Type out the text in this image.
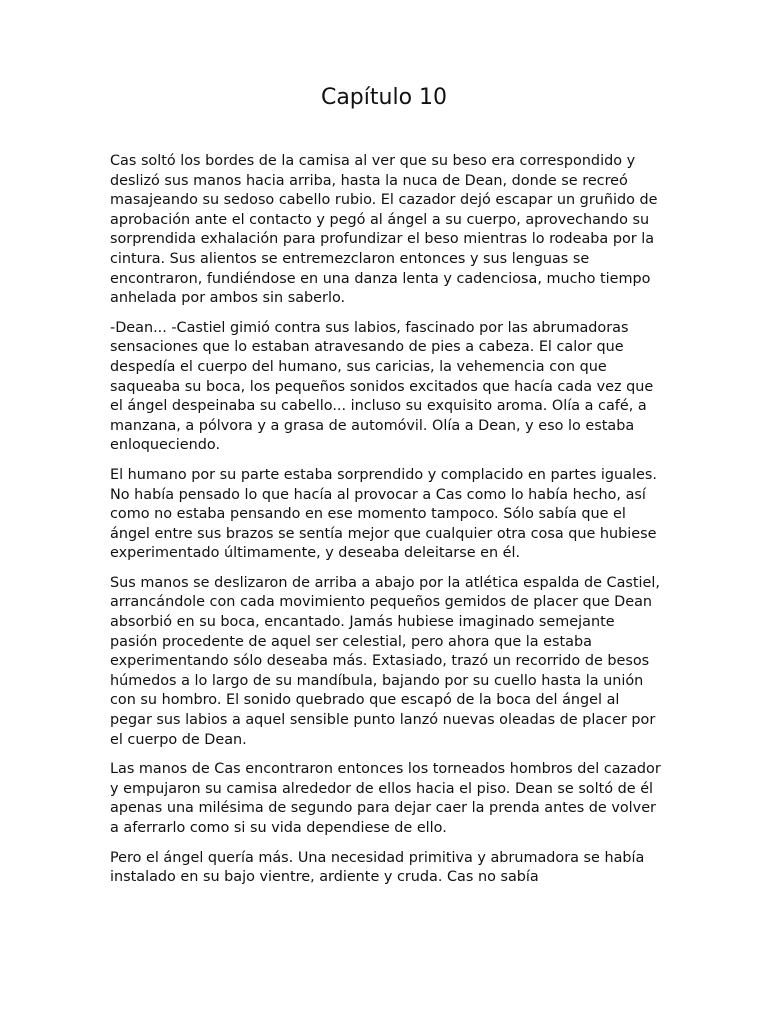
Capítulo 10

Cas soltó los bordes de la camisa al ver que su beso era correspondido y deslizó sus manos hacia arriba, hasta la nuca de Dean, donde se recreó masajeando su sedoso cabello rubio. El cazador dejó escapar un gruñido de aprobación ante el contacto y pegó al ángel a su cuerpo, aprovechando su sorprendida exhalación para profundizar el beso mientras lo rodeaba por la cintura. Sus alientos se entremezclaron entonces y sus lenguas se encontraron, fundiéndose en una danza lenta y cadenciosa, mucho tiempo anhelada por ambos sin saberlo.

-Dean... -Castiel gimió contra sus labios, fascinado por las abrumadoras sensaciones que lo estaban atravesando de pies a cabeza. El calor que despedía el cuerpo del humano, sus caricias, la vehemencia con que saqueaba su boca, los pequeños sonidos excitados que hacía cada vez que el ángel despeinaba su cabello... incluso su exquisito aroma. Olía a café, a manzana, a pólvora y a grasa de automóvil. Olía a Dean, y eso lo estaba enloqueciendo.

El humano por su parte estaba sorprendido y complacido en partes iguales. No había pensado lo que hacía al provocar a Cas como lo había hecho, así como no estaba pensando en ese momento tampoco. Sólo sabía que el ángel entre sus brazos se sentía mejor que cualquier otra cosa que hubiese experimentado últimamente, y deseaba deleitarse en él.

Sus manos se deslizaron de arriba a abajo por la atlética espalda de Castiel, arrancándole con cada movimiento pequeños gemidos de placer que Dean absorbió en su boca, encantado. Jamás hubiese imaginado semejante pasión procedente de aquel ser celestial, pero ahora que la estaba experimentando sólo deseaba más. Extasiado, trazó un recorrido de besos húmedos a lo largo de su mandíbula, bajando por su cuello hasta la unión con su hombro. El sonido quebrado que escapó de la boca del ángel al pegar sus labios a aquel sensible punto lanzó nuevas oleadas de placer por el cuerpo de Dean.

Las manos de Cas encontraron entonces los torneados hombros del cazador y empujaron su camisa alrededor de ellos hacia el piso. Dean se soltó de él apenas una milésima de segundo para dejar caer la prenda antes de volver a aferrarlo como si su vida dependiese de ello.

Pero el ángel quería más. Una necesidad primitiva y abrumadora se había instalado en su bajo vientre, ardiente y cruda. Cas no sabía
